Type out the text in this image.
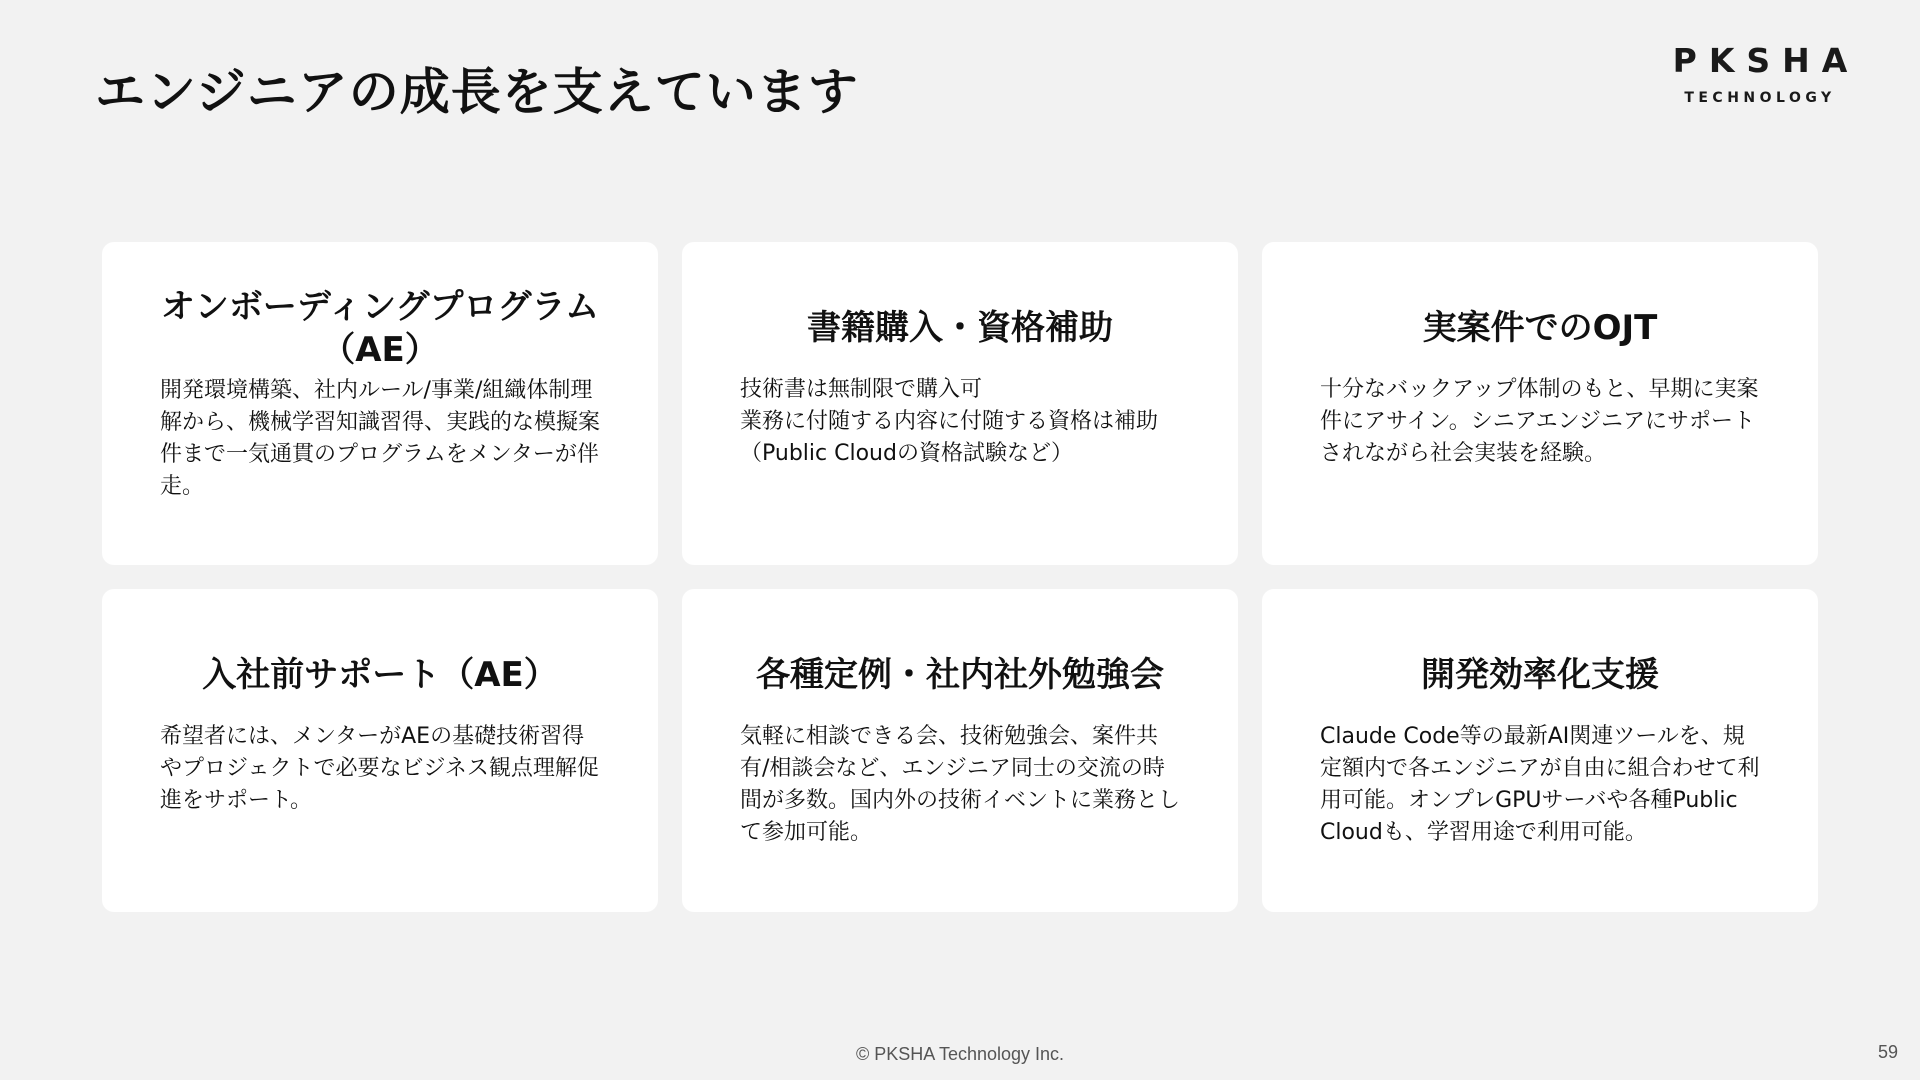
エンジニアの成長を支えています
PKSHA
TECHNOLOGY
オンボーディングプログラム（AE）

開発環境構築、社内ルール/事業/組織体制理解から、機械学習知識習得、実践的な模擬案件まで一気通貫のプログラムをメンターが伴走。

書籍購入・資格補助

技術書は無制限で購入可
業務に付随する内容に付随する資格は補助（Public Cloudの資格試験など）

実案件でのOJT

十分なバックアップ体制のもと、早期に実案件にアサイン。シニアエンジニアにサポートされながら社会実装を経験。

入社前サポート（AE）

希望者には、メンターがAEの基礎技術習得やプロジェクトで必要なビジネス観点理解促進をサポート。

各種定例・社内社外勉強会

気軽に相談できる会、技術勉強会、案件共有/相談会など、エンジニア同士の交流の時間が多数。国内外の技術イベントに業務として参加可能。

開発効率化支援

Claude Code等の最新AI関連ツールを、規定額内で各エンジニアが自由に組合わせて利用可能。オンプレGPUサーバや各種Public Cloudも、学習用途で利用可能。

© PKSHA Technology Inc.	59
